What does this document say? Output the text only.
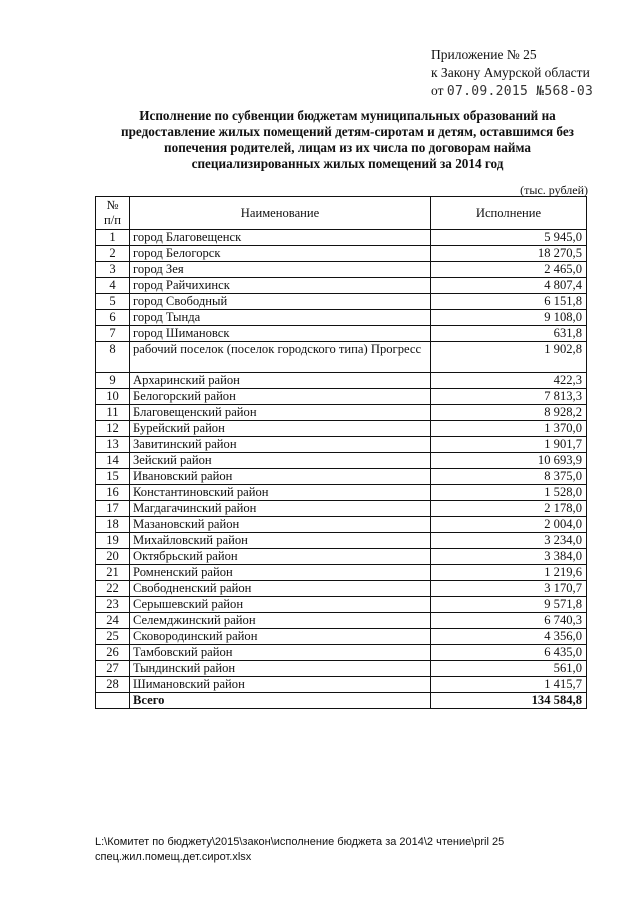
Приложение № 25
к Закону Амурской области
от 07.09.2015 №568-03
Исполнение по субвенции бюджетам муниципальных образований на предоставление жилых помещений детям-сиротам и детям, оставшимся без попечения родителей, лицам из их числа по договорам найма специализированных жилых помещений за 2014 год
(тыс. рублей)
№
п/п	Наименование	Исполнение
1	город Благовещенск	5 945,0
2	город Белогорск	18 270,5
3	город Зея	2 465,0
4	город Райчихинск	4 807,4
5	город Свободный	6 151,8
6	город Тында	9 108,0
7	город Шимановск	631,8
8	рабочий поселок (поселок городского типа) Прогресс	1 902,8
9	Архаринский район	422,3
10	Белогорский район	7 813,3
11	Благовещенский район	8 928,2
12	Бурейский район	1 370,0
13	Завитинский район	1 901,7
14	Зейский район	10 693,9
15	Ивановский район	8 375,0
16	Константиновский район	1 528,0
17	Магдагачинский район	2 178,0
18	Мазановский район	2 004,0
19	Михайловский район	3 234,0
20	Октябрьский район	3 384,0
21	Ромненский район	1 219,6
22	Свободненский район	3 170,7
23	Серышевский район	9 571,8
24	Селемджинский район	6 740,3
25	Сковородинский район	4 356,0
26	Тамбовский район	6 435,0
27	Тындинский район	561,0
28	Шимановский район	1 415,7
	Всего	134 584,8
L:\Комитет по бюджету\2015\закон\исполнение бюджета за 2014\2 чтение\pril 25
спец.жил.помещ.дет.сирот.xlsx
